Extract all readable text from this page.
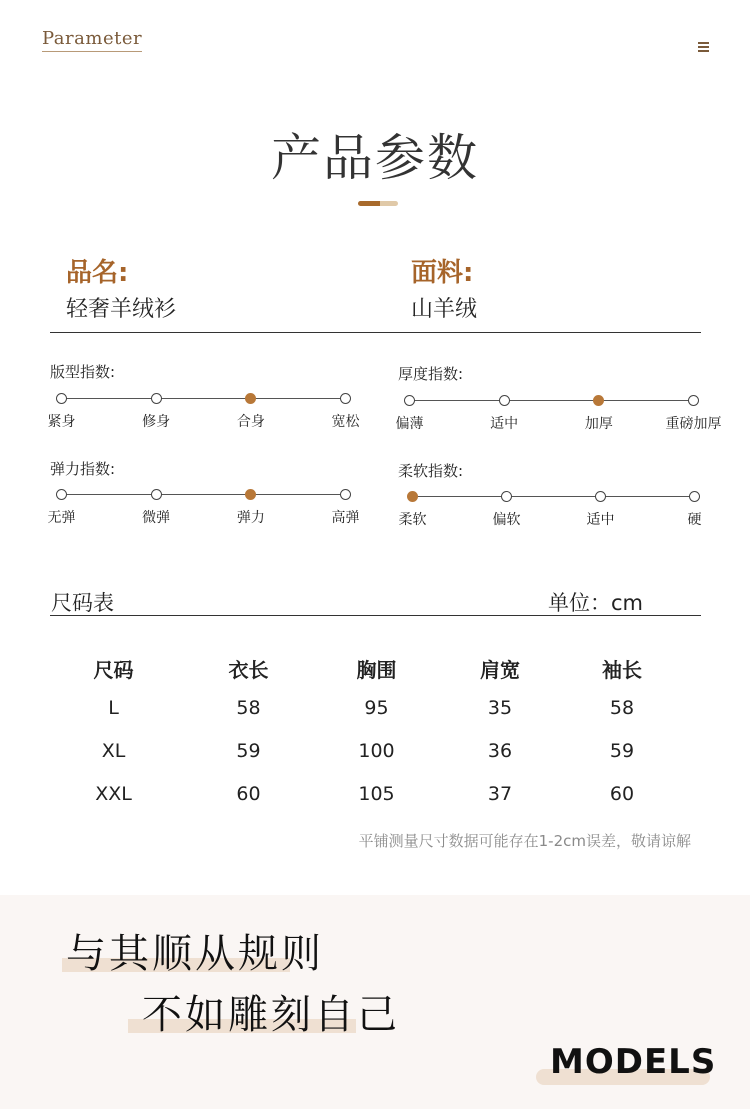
Parameter
产品参数
品名:
轻奢羊绒衫
面料:
山羊绒
版型指数:
紧身	修身	合身	宽松
厚度指数:
偏薄	适中	加厚	重磅加厚
弹力指数:
无弹	微弹	弹力	高弹
柔软指数:
柔软	偏软	适中	硬
尺码表	单位：cm
尺码	衣长	胸围	肩宽	袖长
L	58	95	35	58
XL	59	100	36	59
XXL	60	105	37	60
平铺测量尺寸数据可能存在1-2cm误差，敬请谅解
与其顺从规则
不如雕刻自己
MODELS
